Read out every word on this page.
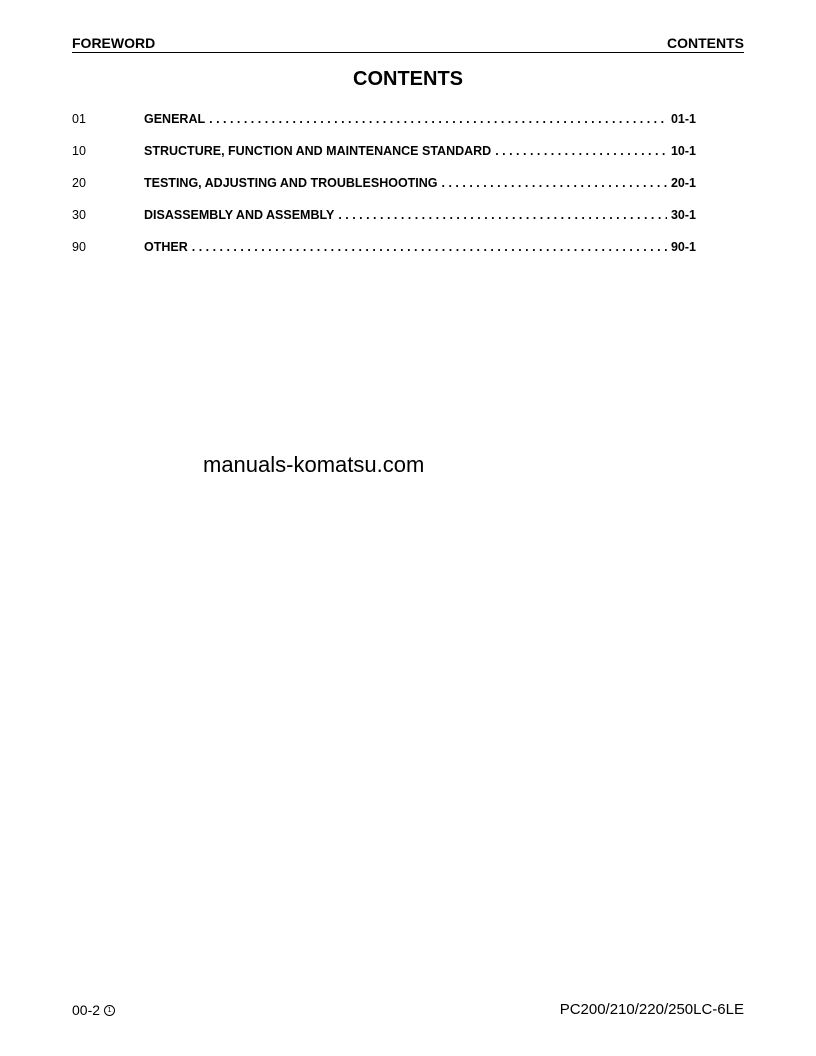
FOREWORD	CONTENTS
CONTENTS
01	GENERAL . . .	01-1
10	STRUCTURE, FUNCTION AND MAINTENANCE STANDARD . . .	10-1
20	TESTING, ADJUSTING AND TROUBLESHOOTING . . .	20-1
30	DISASSEMBLY AND ASSEMBLY . . .	30-1
90	OTHER . . .	90-1
manuals-komatsu.com
00-2	1	PC200/210/220/250LC-6LE
